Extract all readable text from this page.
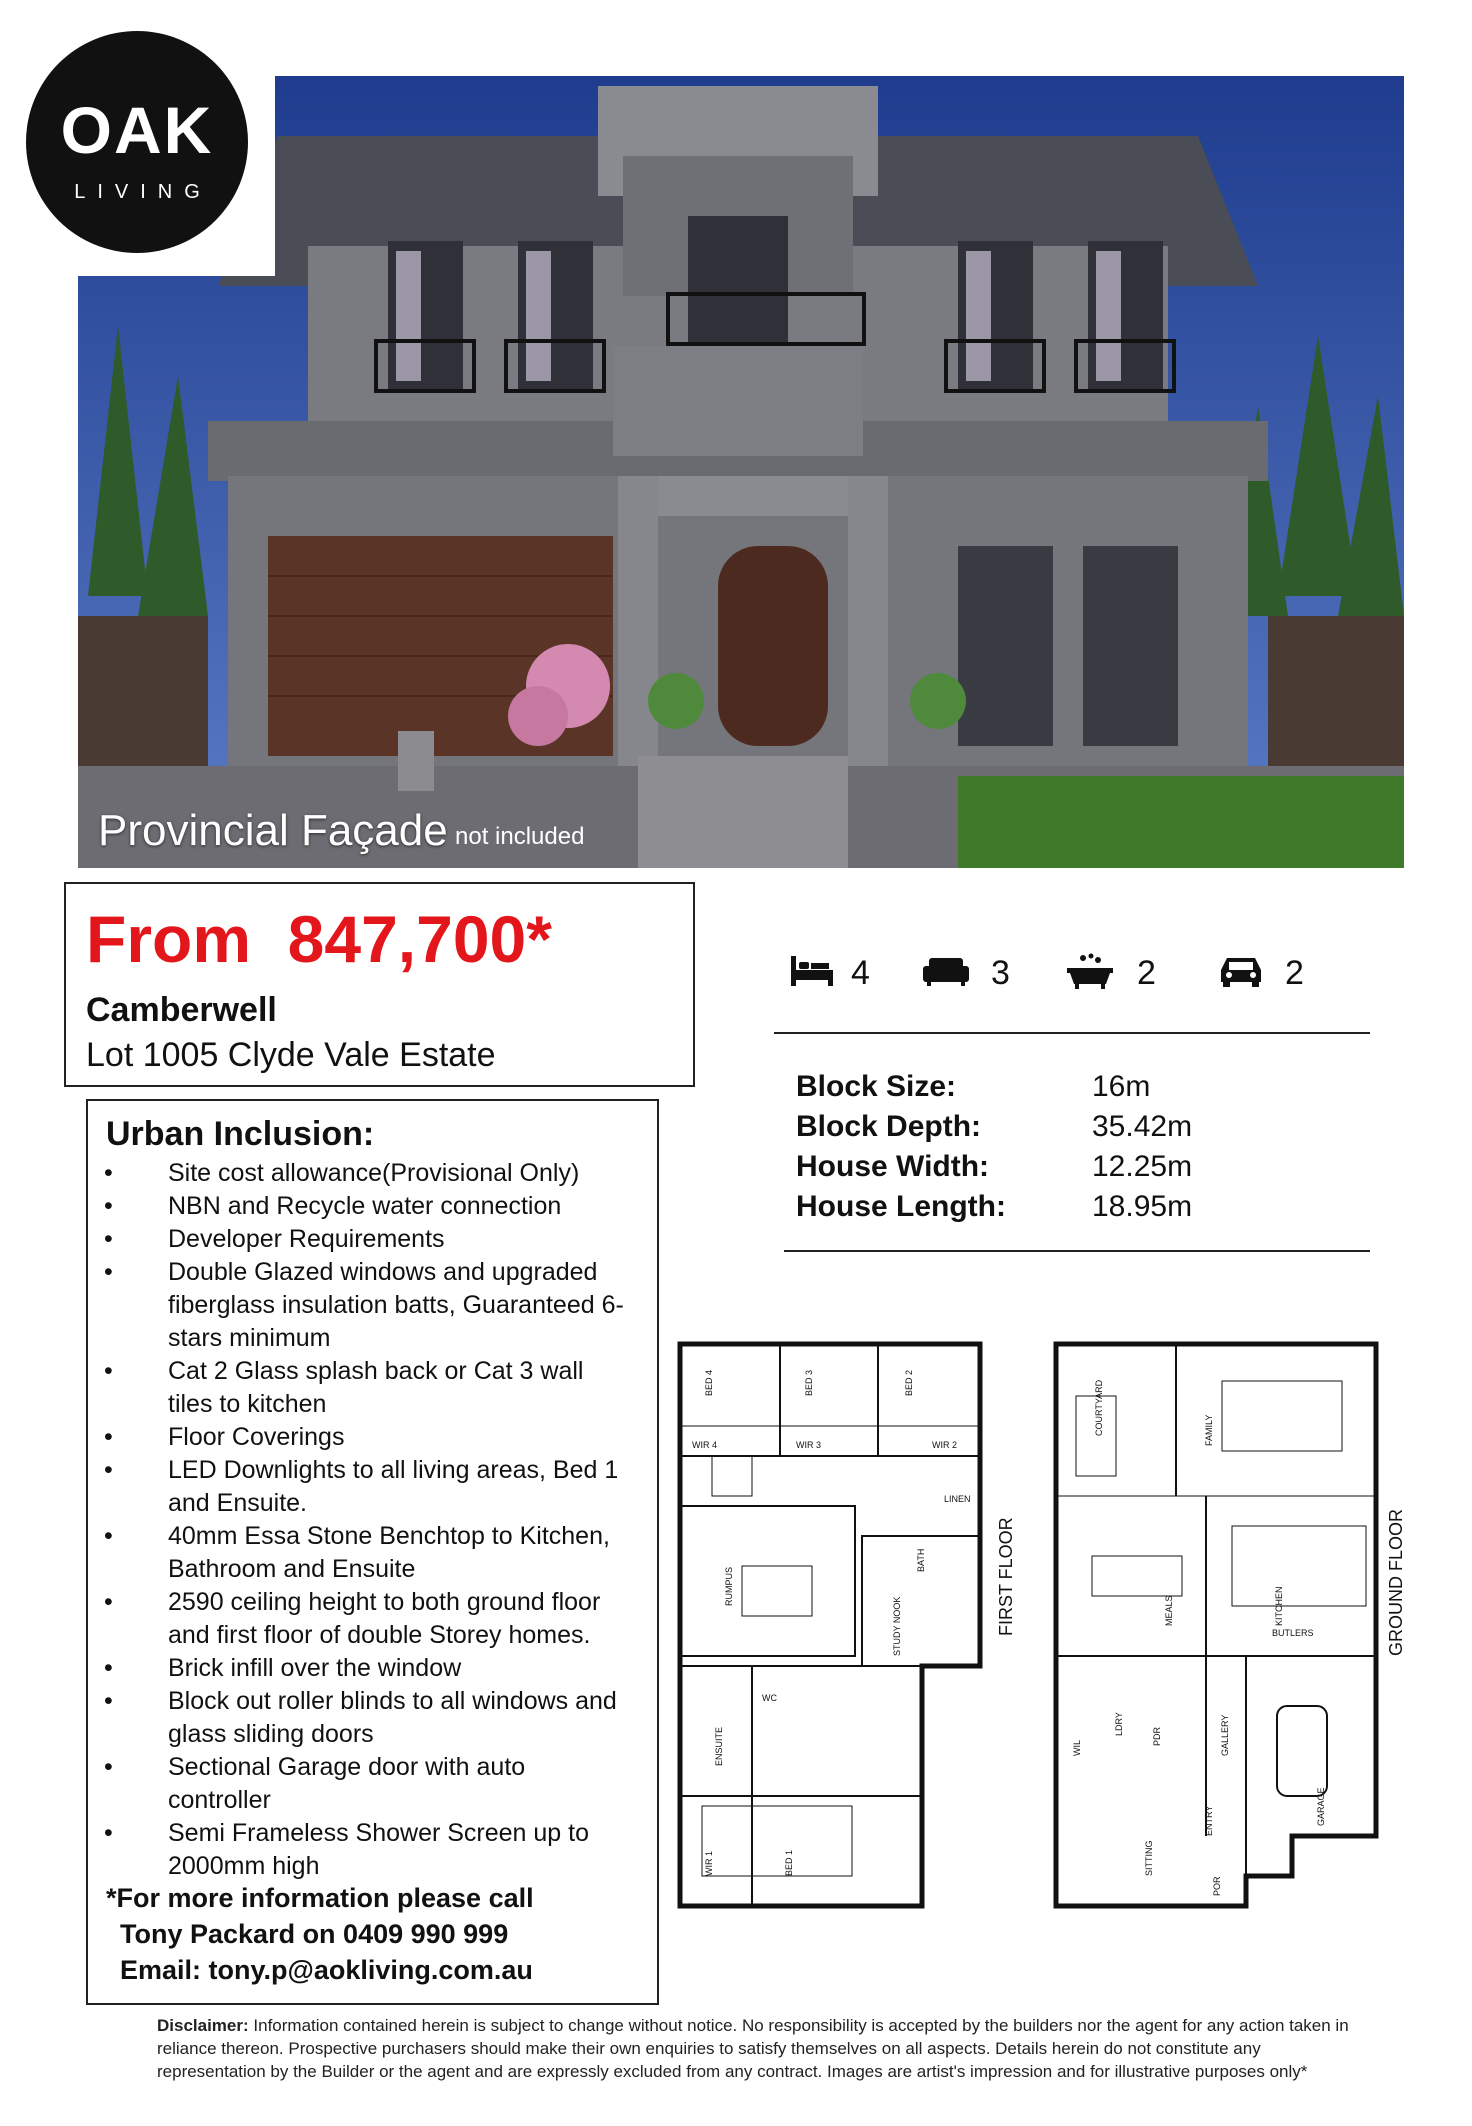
Provincial Façade not included
OAK
LIVING
From  847,700*
Camberwell
Lot 1005 Clyde Vale Estate
4	3	2	2
Block Size:	16m
Block Depth:	35.42m
House Width:	12.25m
House Length:	18.95m
Urban Inclusion:
• Site cost allowance(Provisional Only)
• NBN and Recycle water connection
• Developer Requirements
• Double Glazed windows and upgraded fiberglass insulation batts, Guaranteed 6-stars minimum
• Cat 2 Glass splash back or Cat 3 wall tiles to kitchen
• Floor Coverings
• LED Downlights to all living areas, Bed 1 and Ensuite.
• 40mm Essa Stone Benchtop to Kitchen, Bathroom and Ensuite
• 2590 ceiling height to both ground floor and first floor of double Storey homes.
• Brick infill over the window
• Block out roller blinds to all windows and glass sliding doors
• Sectional Garage door with auto controller
• Semi Frameless Shower Screen up to 2000mm high
*For more information please call
Tony Packard on 0409 990 999
Email: tony.p@aokliving.com.au
BED 4	BED 3	BED 2
WIR 4	WIR 3	WIR 2
RUMPUS
LINEN
BATH
STUDY NOOK
ENSUITE
WC
BED 1
WIR 1
FIRST FLOOR
COURTYARD	FAMILY
MEALS	KITCHEN
BUTLERS
LDRY
PDR	GALLERY
GARAGE
SITTING
ENTRY
POR
WIL
GROUND FLOOR
Disclaimer: Information contained herein is subject to change without notice. No responsibility is accepted by the builders nor the agent for any action taken in reliance thereon. Prospective purchasers should make their own enquiries to satisfy themselves on all aspects. Details herein do not constitute any representation by the Builder or the agent and are expressly excluded from any contract. Images are artist's impression and for illustrative purposes only*
